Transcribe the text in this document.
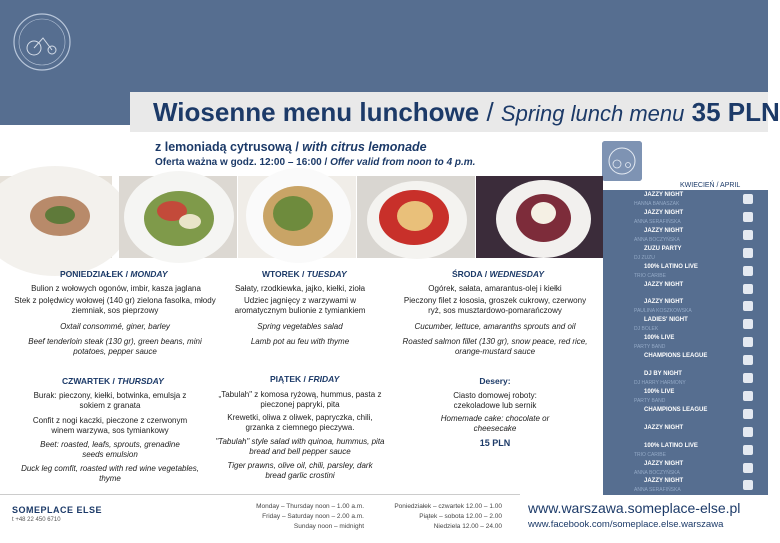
Wiosenne menu lunchowe / Spring lunch menu 35 PLN
z lemoniadą cytrusową / with citrus lemonade
Oferta ważna w godz. 12:00 – 16:00 / Offer valid from noon to 4 p.m.
PONIEDZIAŁEK / MONDAY
Bulion z wołowych ogonów, imbir, kasza jaglana
Stek z polędwicy wołowej (140 gr) zielona fasolka, młody ziemniak, sos pieprzowy
Oxtail consommé, giner, barley
Beef tenderloin steak (130 gr), green beans, mini potatoes, pepper sauce
WTOREK / TUESDAY
Sałaty, rzodkiewka, jajko, kiełki, zioła
Udziec jagnięcy z warzywami w aromatycznym bulionie z tymiankiem
Spring vegetables salad
Lamb pot au feu with thyme
ŚRODA / WEDNESDAY
Ogórek, sałata, amarantus-olej i kiełki
Pieczony filet z łososia, groszek cukrowy, czerwony ryż, sos musztardowo-pomarańczowy
Cucumber, lettuce, amaranths sprouts and oil
Roasted salmon fillet (130 gr), snow peace, red rice, orange-mustard sauce
CZWARTEK / THURSDAY
Burak: pieczony, kiełki, botwinka, emulsja z sokiem z granata
Confit z nogi kaczki, pieczone z czerwonym winem warzywa, sos tymiankowy
Beet: roasted, leafs, sprouts, grenadine seeds emulsion
Duck leg comfit, roasted with red wine vegetables, thyme
PIĄTEK / FRIDAY
„Tabulah" z komosa ryżową, hummus, pasta z pieczonej papryki, pita
Krewetki, oliwa z oliwek, papryczka, chili, grzanka z ciemnego pieczywa.
"Tabulah" style salad with quinoa, hummus, pita bread and bell pepper sauce
Tiger prawns, olive oil, chili, parsley, dark bread garlic crostini
Desery:
Ciasto domowej roboty: czekoladowe lub sernik
Homemade cake: chocolate or cheesecake
15 PLN
SOMEPLACE ELSE
t +48 22 450 6710
Monday – Thursday noon – 1.00 a.m.
Friday – Saturday noon – 2.00 a.m.
Sunday noon – midnight
Poniedziałek – czwartek 12.00 – 1.00
Piątek – sobota 12.00 – 2.00
Niedziela 12.00 – 24.00
www.warszawa.someplace-else.pl
www.facebook.com/someplace.else.warszawa
KWIECIEŃ / APRIL
JAZZY NIGHT
HANNA BANASZAK
JAZZY NIGHT
ANNA SERAFIŃSKA
JAZZY NIGHT
ANNA BOCZYŃSKA
ZUZU PARTY
DJ ZUZU
100% LATINO LIVE
TRIO CARIBE
JAZZY NIGHT
JAZZY NIGHT
PAULINA KOSZKOWSKA
LADIES' NIGHT
DJ BOLEK
100% LIVE
PARTY BAND
CHAMPIONS LEAGUE
DJ BY NIGHT
DJ HARRY HARMONY
100% LIVE
PARTY BAND
CHAMPIONS LEAGUE
JAZZY NIGHT
100% LATINO LIVE
TRIO CARIBE
JAZZY NIGHT
ANNA BOCZYŃSKA
JAZZY NIGHT
ANNA SERAFIŃSKA
